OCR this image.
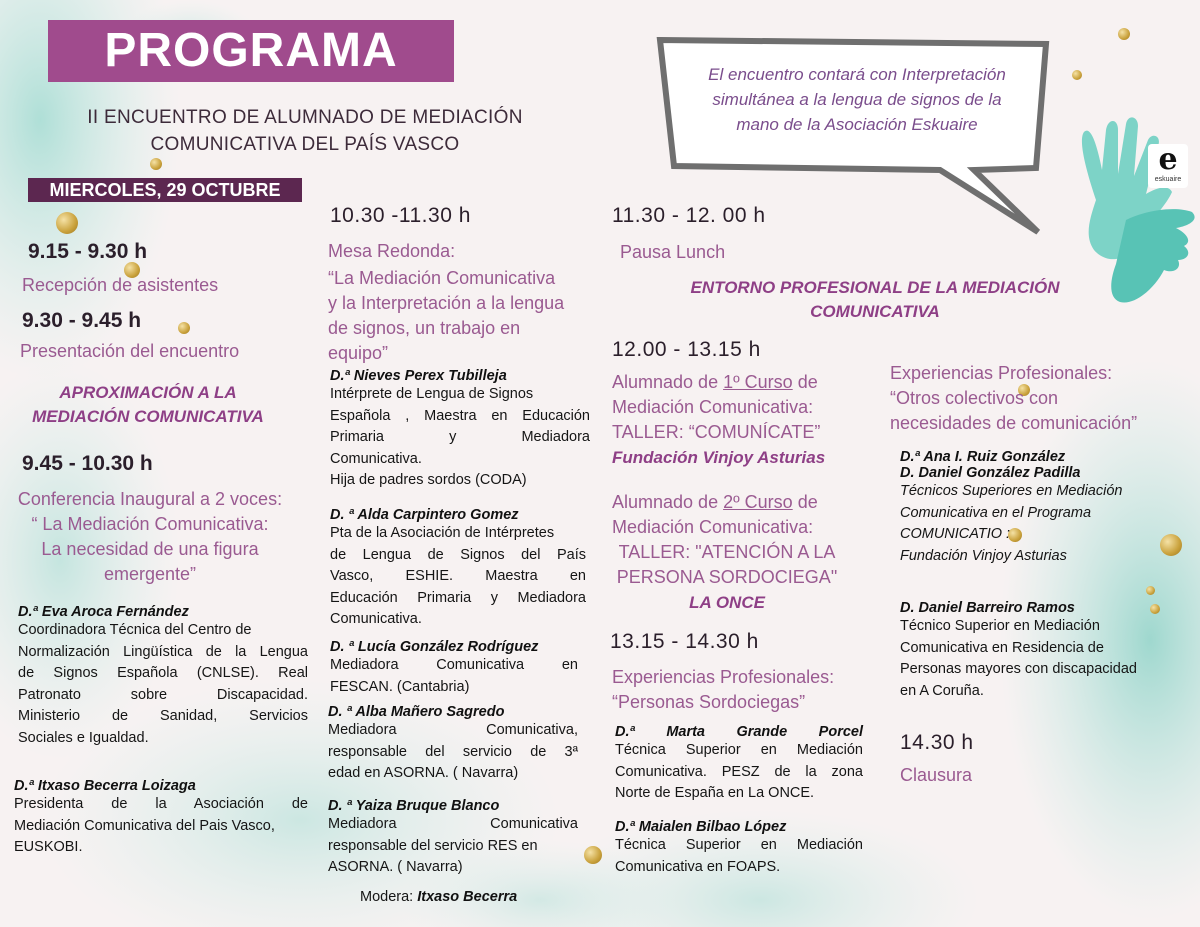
El encuentro contará con Interpretación
simultánea a la lengua de signos de la
mano de la Asociación Eskuaire
e
eskuaire
PROGRAMA
II ENCUENTRO DE ALUMNADO DE MEDIACIÓN
COMUNICATIVA DEL PAÍS VASCO
MIERCOLES, 29 OCTUBRE
9.15 - 9.30 h
Recepción de asistentes
9.30 - 9.45 h
Presentación del encuentro
APROXIMACIÓN A LA
MEDIACIÓN COMUNICATIVA
9.45 - 10.30 h
Conferencia Inaugural a 2 voces:
“ La Mediación Comunicativa:
La necesidad de una figura
emergente”
D.ª Eva Aroca Fernández
Coordinadora Técnica del Centro de
Normalización Lingüística de la Lengua
de Signos Española (CNLSE). Real
Patronato sobre Discapacidad.
Ministerio de Sanidad, Servicios
Sociales e Igualdad.
D.ª Itxaso Becerra Loizaga
Presidenta de la Asociación de
Mediación Comunicativa del Pais Vasco,
EUSKOBI.
10.30 -11.30 h
Mesa Redonda:
“La Mediación Comunicativa
y la Interpretación a la lengua
de signos, un trabajo en
equipo”
D.ª Nieves Perex Tubilleja
Intérprete de Lengua de Signos
Española , Maestra en Educación
Primaria y Mediadora
Comunicativa.
Hija de padres sordos (CODA)
D. ª Alda Carpintero Gomez
Pta de la Asociación de Intérpretes
de Lengua de Signos del País
Vasco, ESHIE. Maestra en
Educación Primaria y Mediadora
Comunicativa.
D. ª Lucía González Rodríguez
Mediadora Comunicativa en
FESCAN. (Cantabria)
D. ª Alba Mañero Sagredo
Mediadora Comunicativa,
responsable del servicio de 3ª
edad en ASORNA. ( Navarra)
D. ª Yaiza Bruque Blanco
Mediadora Comunicativa
responsable del servicio RES en
ASORNA. ( Navarra)
Modera: Itxaso Becerra
11.30 - 12. 00 h
Pausa Lunch
ENTORNO PROFESIONAL DE LA MEDIACIÓN
COMUNICATIVA
12.00 - 13.15 h
Alumnado de 1º Curso de
Mediación Comunicativa:
TALLER: “COMUNÍCATE”
Fundación Vinjoy Asturias
Alumnado de 2º Curso de
Mediación Comunicativa:
TALLER: "ATENCIÓN A LA
PERSONA SORDOCIEGA"
LA ONCE
13.15 - 14.30 h
Experiencias Profesionales:
“Personas Sordociegas”
D.ª Marta Grande Porcel
Técnica Superior en Mediación
Comunicativa. PESZ de la zona
Norte de España en La ONCE.
D.ª Maialen Bilbao López
Técnica Superior en Mediación
Comunicativa en FOAPS.
Experiencias Profesionales:
“Otros colectivos con
necesidades de comunicación”
D.ª Ana I. Ruiz González
D. Daniel González Padilla
Técnicos Superiores en Mediación
Comunicativa en el Programa
COMUNICATIO :
Fundación Vinjoy Asturias
D. Daniel Barreiro Ramos
Técnico Superior en Mediación
Comunicativa en Residencia de
Personas mayores con discapacidad
en A Coruña.
14.30 h
Clausura
